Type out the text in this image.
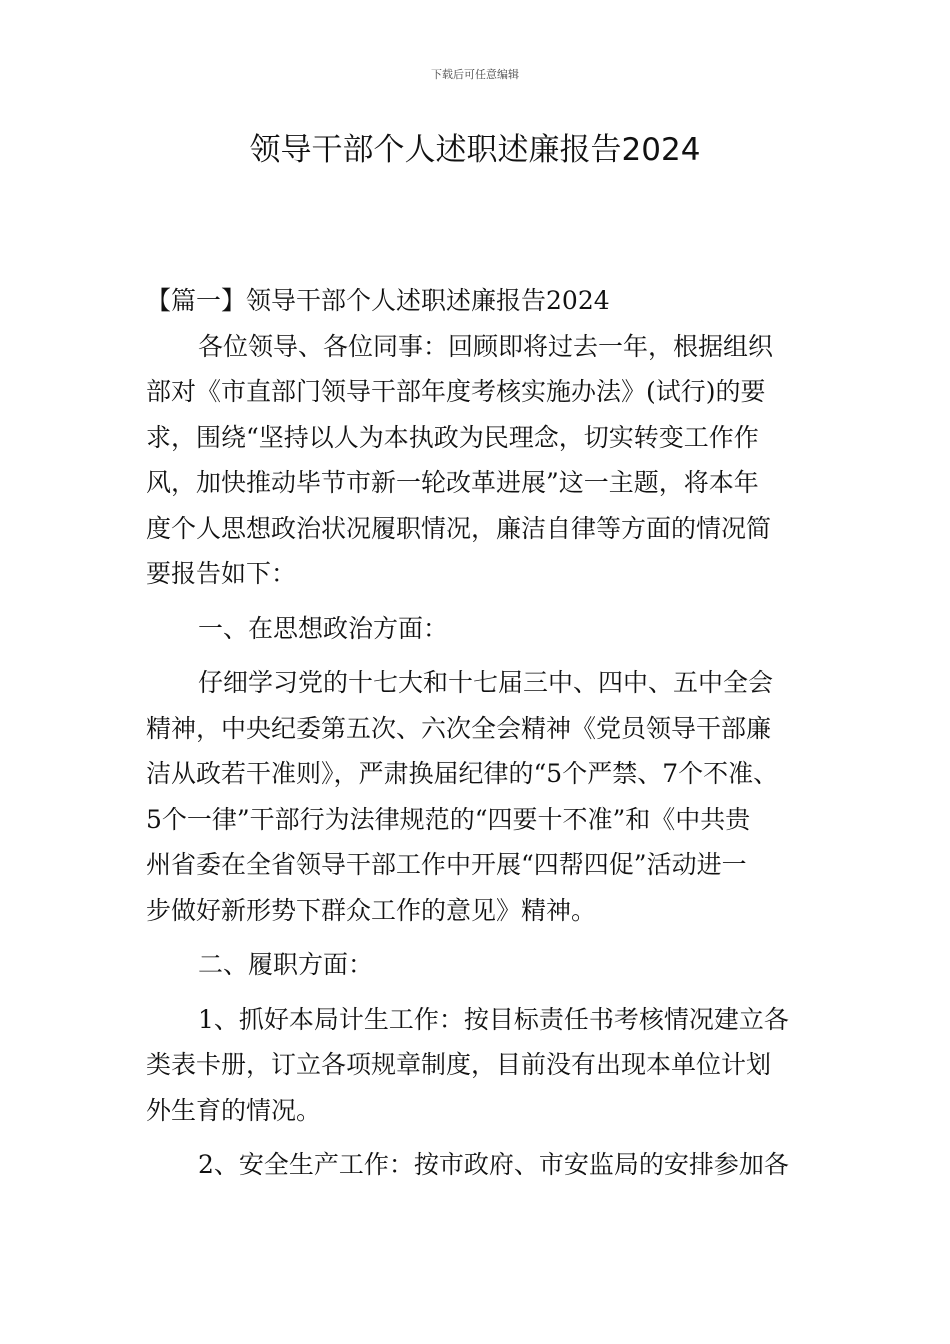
下载后可任意编辑
领导干部个人述职述廉报告2024

【篇一】领导干部个人述职述廉报告2024

各位领导、各位同事：回顾即将过去一年，根据组织

部对《市直部门领导干部年度考核实施办法》(试行)的要

求，围绕“坚持以人为本执政为民理念，切实转变工作作

风，加快推动毕节市新一轮改革进展”这一主题，将本年

度个人思想政治状况履职情况，廉洁自律等方面的情况简

要报告如下：

一、在思想政治方面：

仔细学习党的十七大和十七届三中、四中、五中全会

精神，中央纪委第五次、六次全会精神《党员领导干部廉

洁从政若干准则》，严肃换届纪律的“5个严禁、7个不准、

5个一律”干部行为法律规范的“四要十不准”和《中共贵

州省委在全省领导干部工作中开展“四帮四促”活动进一

步做好新形势下群众工作的意见》精神。

二、履职方面：

1、抓好本局计生工作：按目标责任书考核情况建立各

类表卡册，订立各项规章制度，目前没有出现本单位计划

外生育的情况。

2、安全生产工作：按市政府、市安监局的安排参加各
